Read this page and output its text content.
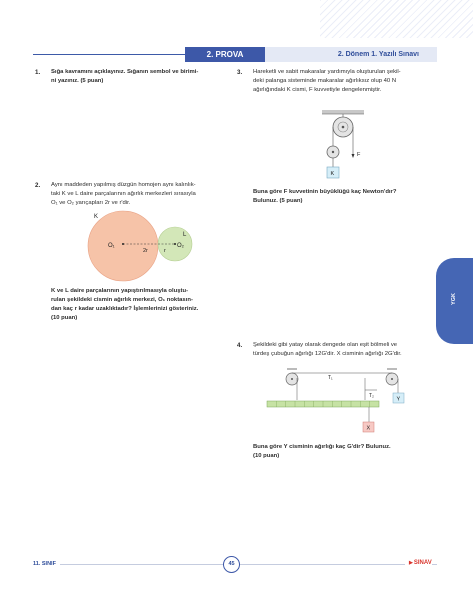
2. PROVA	2. Dönem 1. Yazılı Sınavı
1. Sığa kavramını açıklayınız. Sığanın sembol ve birimi-
ni yazınız. (5 puan)
2. Aynı maddeden yapılmış düzgün homojen aynı kalınlık-
taki K ve L daire parçalarının ağırlık merkezleri sırasıyla
O₁ ve O₂ yarıçapları 2r ve r'dir.
K
L
O₁	O₂
2r	r
K ve L daire parçalarının yapıştırılmasıyla oluştu-
rulan şekildeki cismin ağırlık merkezi, O₁ noktasın-
dan kaç r kadar uzaklıktadır? İşlemlerinizi gösteriniz.
(10 puan)
3. Hareketli ve sabit makaralar yardımıyla oluşturulan şekil-
deki palanga sisteminde makaralar ağırlıksız olup 40 N
ağırlığındaki K cismi, F kuvvetiyle dengelenmiştir.
F
K
Buna göre F kuvvetinin büyüklüğü kaç Newton'dır?
Bulunuz. (5 puan)
4. Şekildeki gibi yatay olarak dengede olan eşit bölmeli ve
türdeş çubuğun ağırlığı 12G'dir. X cisminin ağırlığı 2G'dir.
T₁
T₂
X
Y
Buna göre Y cisminin ağırlığı kaç G'dir? Bulunuz.
(10 puan)
YGK
11. SINIF	45
▶	SINAV
